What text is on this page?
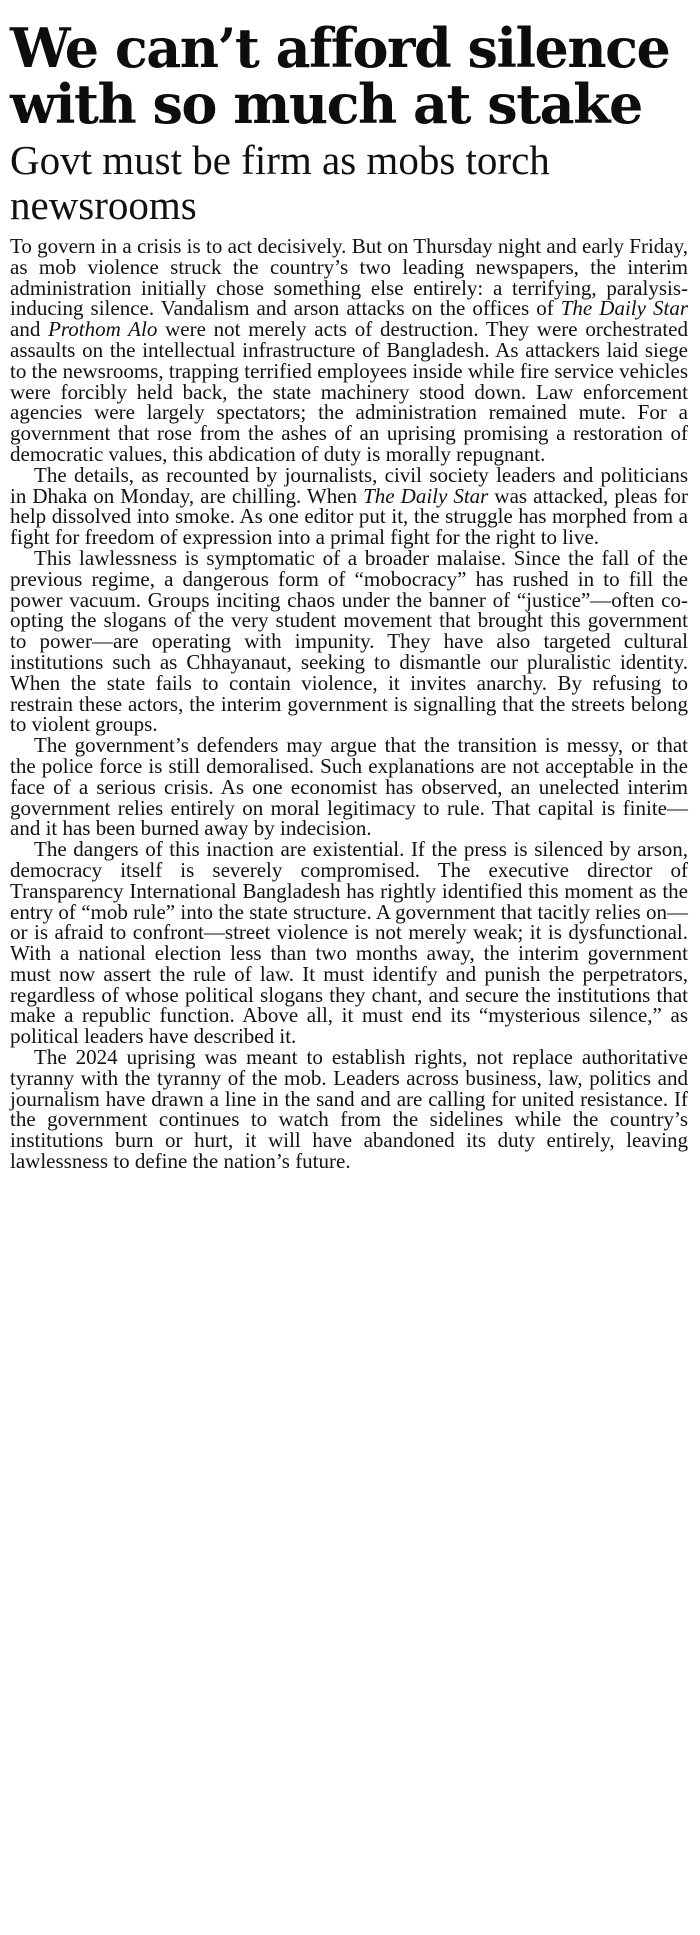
We can’t afford silence with so much at stake
Govt must be firm as mobs torch newsrooms

To govern in a crisis is to act decisively. But on Thursday night and early Friday, as mob violence struck the country’s two leading newspapers, the interim administration initially chose something else entirely: a terrifying, paralysis-inducing silence. Vandalism and arson attacks on the offices of The Daily Star and Prothom Alo were not merely acts of destruction. They were orchestrated assaults on the intellectual infrastructure of Bangladesh. As attackers laid siege to the newsrooms, trapping terrified employees inside while fire service vehicles were forcibly held back, the state machinery stood down. Law enforcement agencies were largely spectators; the administration remained mute. For a government that rose from the ashes of an uprising promising a restoration of democratic values, this abdication of duty is morally repugnant.

The details, as recounted by journalists, civil society leaders and politicians in Dhaka on Monday, are chilling. When The Daily Star was attacked, pleas for help dissolved into smoke. As one editor put it, the struggle has morphed from a fight for freedom of expression into a primal fight for the right to live.

This lawlessness is symptomatic of a broader malaise. Since the fall of the previous regime, a dangerous form of “mobocracy” has rushed in to fill the power vacuum. Groups inciting chaos under the banner of “justice”—often co-opting the slogans of the very student movement that brought this government to power—are operating with impunity. They have also targeted cultural institutions such as Chhayanaut, seeking to dismantle our pluralistic identity. When the state fails to contain violence, it invites anarchy. By refusing to restrain these actors, the interim government is signalling that the streets belong to violent groups.

The government’s defenders may argue that the transition is messy, or that the police force is still demoralised. Such explanations are not acceptable in the face of a serious crisis. As one economist has observed, an unelected interim government relies entirely on moral legitimacy to rule. That capital is finite—and it has been burned away by indecision.

The dangers of this inaction are existential. If the press is silenced by arson, democracy itself is severely compromised. The executive director of Transparency International Bangladesh has rightly identified this moment as the entry of “mob rule” into the state structure. A government that tacitly relies on—or is afraid to confront—street violence is not merely weak; it is dysfunctional. With a national election less than two months away, the interim government must now assert the rule of law. It must identify and punish the perpetrators, regardless of whose political slogans they chant, and secure the institutions that make a republic function. Above all, it must end its “mysterious silence,” as political leaders have described it.

The 2024 uprising was meant to establish rights, not replace authoritative tyranny with the tyranny of the mob. Leaders across business, law, politics and journalism have drawn a line in the sand and are calling for united resistance. If the government continues to watch from the sidelines while the country’s institutions burn or hurt, it will have abandoned its duty entirely, leaving lawlessness to define the nation’s future.
